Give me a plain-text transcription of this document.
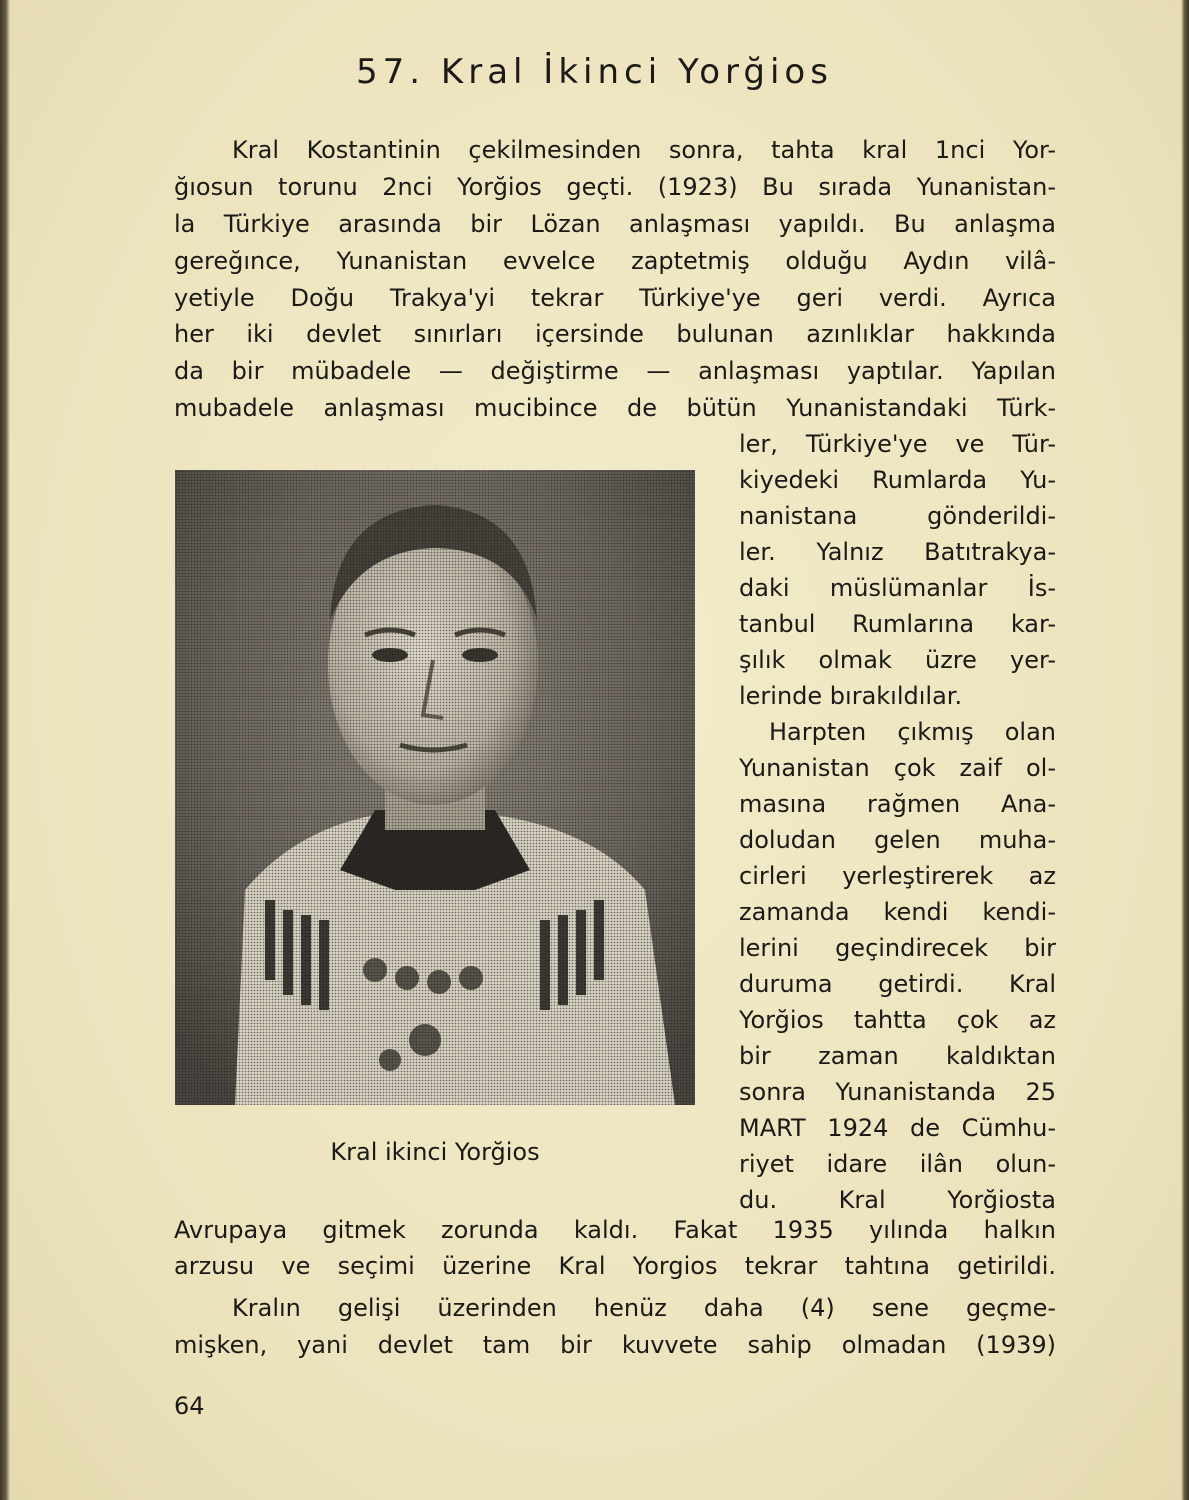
57. Kral İkinci Yorğios
Kral Kostantinin çekilmesinden sonra, tahta kral 1nci Yor-
ğıosun torunu 2nci Yorğios geçti. (1923) Bu sırada Yunanistan-
la Türkiye arasında bir Lözan anlaşması yapıldı. Bu anlaşma
gereğınce, Yunanistan evvelce zaptetmiş olduğu Aydın vilâ-
yetiyle Doğu Trakya'yi tekrar Türkiye'ye geri verdi. Ayrıca
her iki devlet sınırları içersinde bulunan azınlıklar hakkında
da bir mübadele — değiştirme — anlaşması yaptılar. Yapılan
mubadele anlaşması mucibince de bütün Yunanistandaki Türk-
ler, Türkiye'ye ve Tür-
kiyedeki Rumlarda Yu-
nanistana gönderildi-
ler. Yalnız Batıtrakya-
daki müslümanlar İs-
tanbul Rumlarına kar-
şılık olmak üzre yer-
lerinde bırakıldılar.
Harpten çıkmış olan
Yunanistan çok zaif ol-
masına rağmen Ana-
doludan gelen muha-
cirleri yerleştirerek az
zamanda kendi kendi-
lerini geçindirecek bir
duruma getirdi. Kral
Yorğios tahtta çok az
bir zaman kaldıktan
sonra Yunanistanda 25
MART 1924 de Cümhu-
riyet idare ilân olun-
du. Kral Yorğiosta
Avrupaya gitmek zorunda kaldı. Fakat 1935 yılında halkın
arzusu ve seçimi üzerine Kral Yorgios tekrar tahtına getirildi.
Kralın gelişi üzerinden henüz daha (4) sene geçme-
mişken, yani devlet tam bir kuvvete sahip olmadan (1939)
Kral ikinci Yorğios
64
